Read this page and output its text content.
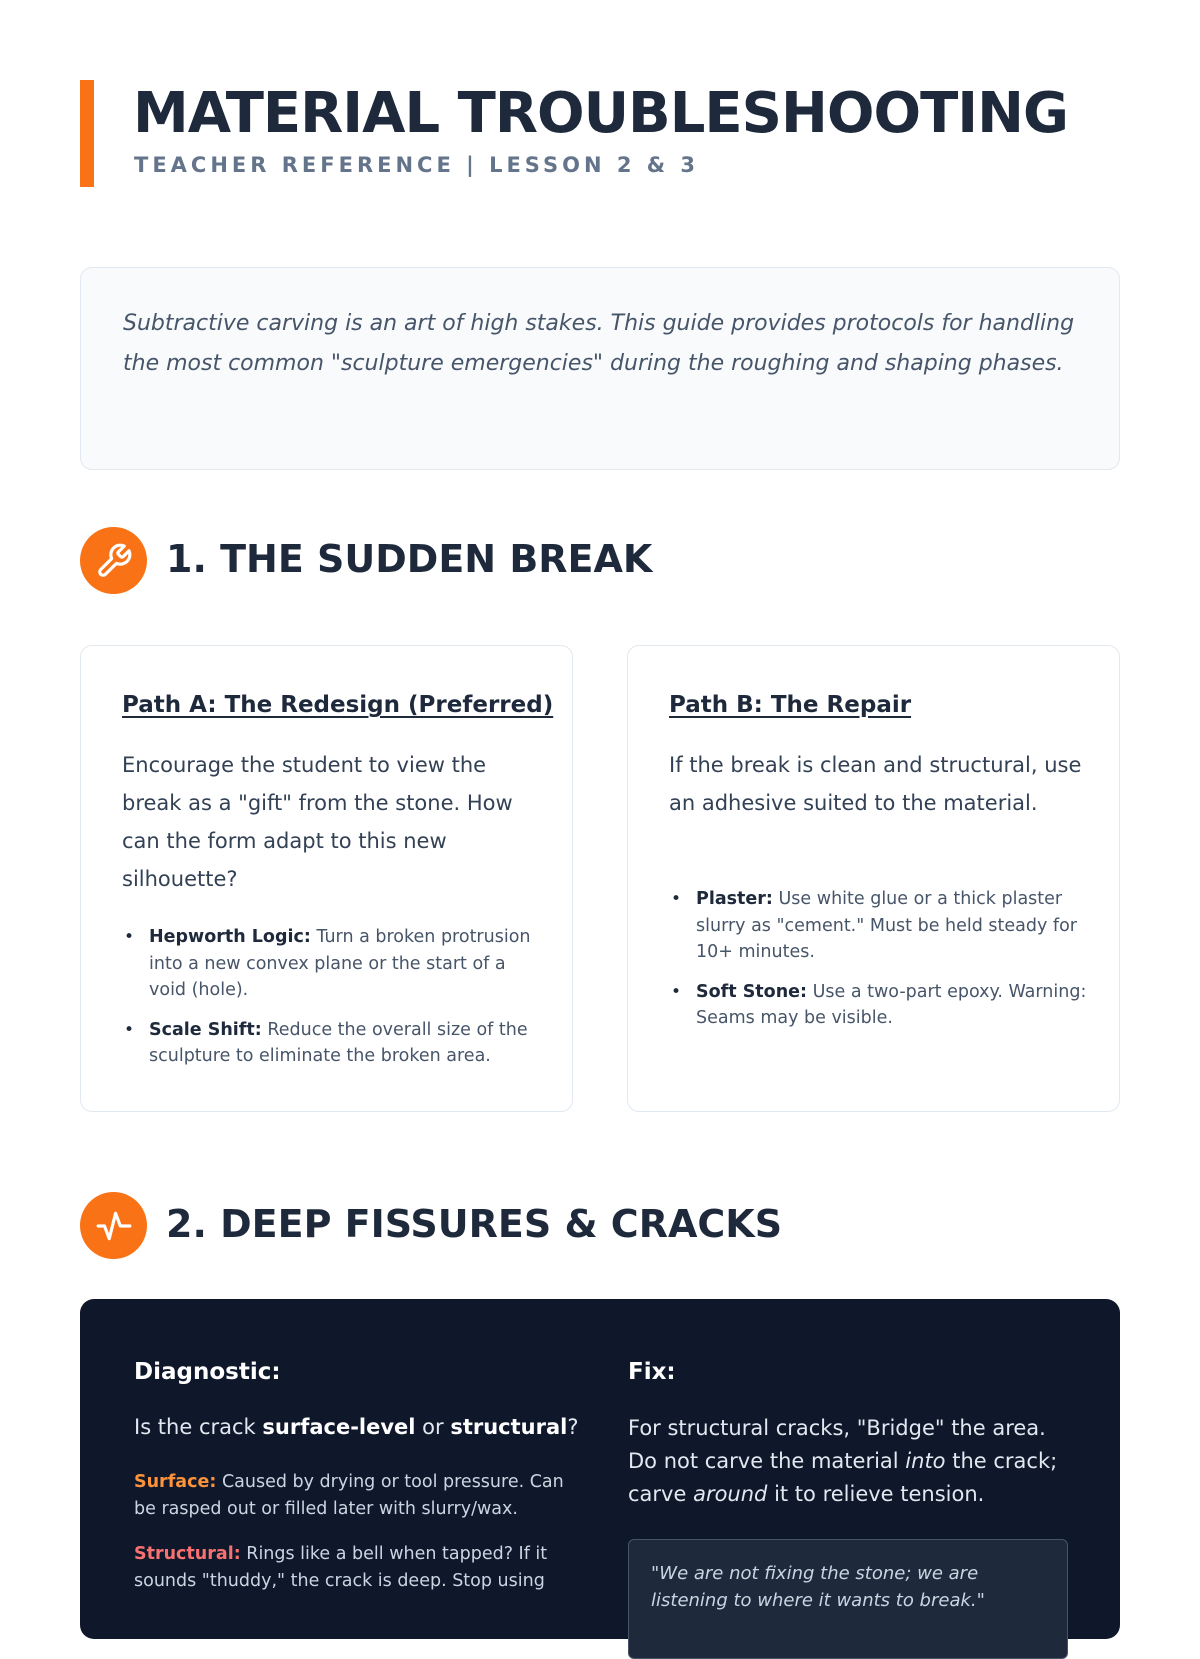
MATERIAL TROUBLESHOOTING
TEACHER REFERENCE | LESSON 2 & 3

Subtractive carving is an art of high stakes. This guide provides protocols for handling the most common "sculpture emergencies" during the roughing and shaping phases.

1. THE SUDDEN BREAK
Path A: The Redesign (Preferred)

Encourage the student to view the break as a "gift" from the stone. How can the form adapt to this new silhouette?

• Hepworth Logic: Turn a broken protrusion into a new convex plane or the start of a void (hole).
• Scale Shift: Reduce the overall size of the sculpture to eliminate the broken area.
Path B: The Repair

If the break is clean and structural, use an adhesive suited to the material.

• Plaster: Use white glue or a thick plaster slurry as "cement." Must be held steady for 10+ minutes.
• Soft Stone: Use a two-part epoxy. Warning: Seams may be visible.
2. DEEP FISSURES & CRACKS
Diagnostic:
Is the crack surface-level or structural?

Surface: Caused by drying or tool pressure. Can be rasped out or filled later with slurry/wax.

Structural: Rings like a bell when tapped? If it sounds "thuddy," the crack is deep. Stop using

Fix:

For structural cracks, "Bridge" the area. Do not carve the material into the crack; carve around it to relieve tension.

"We are not fixing the stone; we are listening to where it wants to break."
